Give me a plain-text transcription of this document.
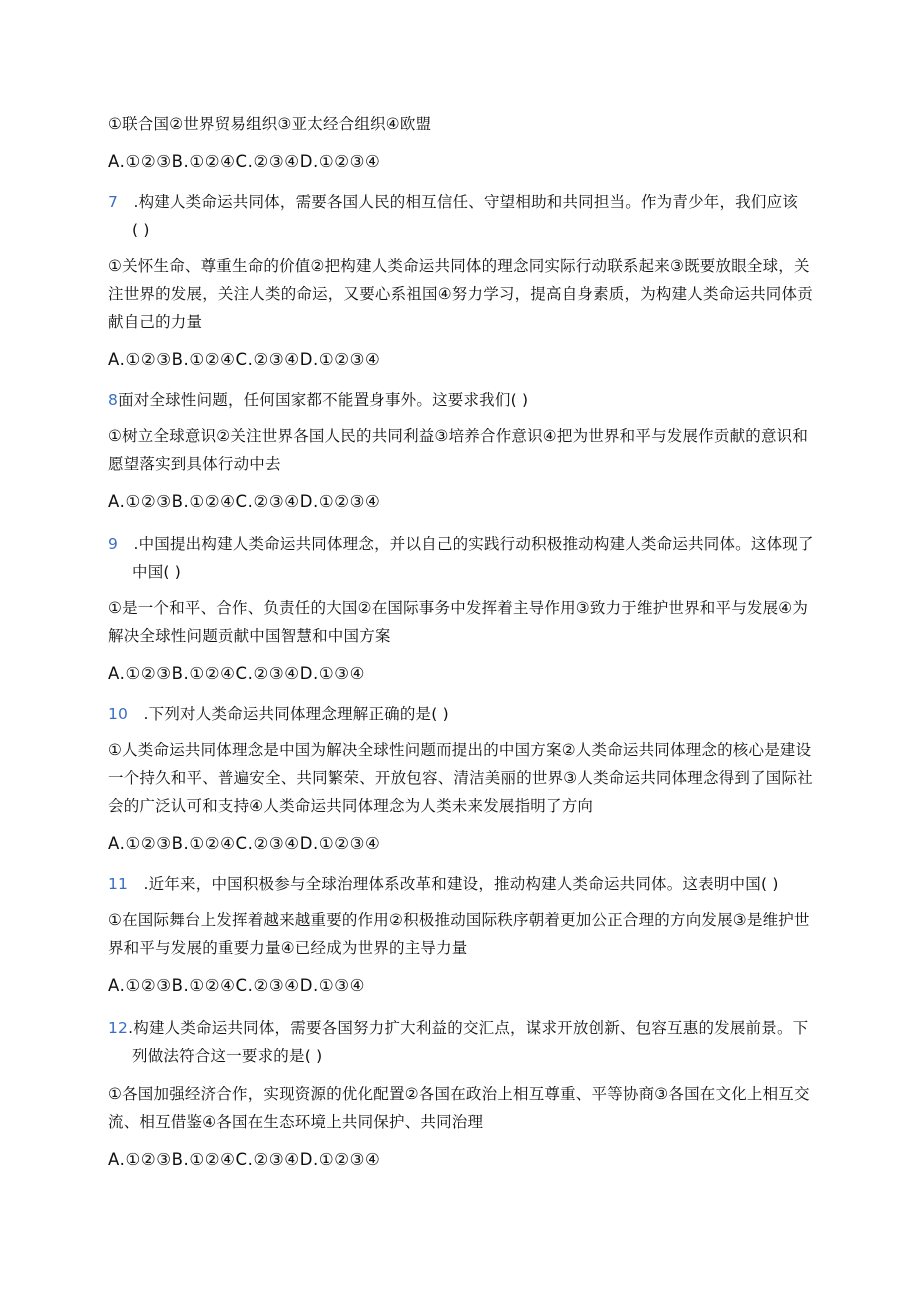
①联合国②世界贸易组织③亚太经合组织④欧盟
A.①②③B.①②④C.②③④D.①②③④
7 .构建人类命运共同体，需要各国人民的相互信任、守望相助和共同担当。作为青少年，我们应该
( )
①关怀生命、尊重生命的价值②把构建人类命运共同体的理念同实际行动联系起来③既要放眼全球，关
注世界的发展，关注人类的命运，又要心系祖国④努力学习，提高自身素质，为构建人类命运共同体贡
献自己的力量
A.①②③B.①②④C.②③④D.①②③④
8面对全球性问题，任何国家都不能置身事外。这要求我们( )
①树立全球意识②关注世界各国人民的共同利益③培养合作意识④把为世界和平与发展作贡献的意识和
愿望落实到具体行动中去
A.①②③B.①②④C.②③④D.①②③④
9 .中国提出构建人类命运共同体理念，并以自己的实践行动积极推动构建人类命运共同体。这体现了
中国( )
①是一个和平、合作、负责任的大国②在国际事务中发挥着主导作用③致力于维护世界和平与发展④为
解决全球性问题贡献中国智慧和中国方案
A.①②③B.①②④C.②③④D.①③④
10 .下列对人类命运共同体理念理解正确的是( )
①人类命运共同体理念是中国为解决全球性问题而提出的中国方案②人类命运共同体理念的核心是建设
一个持久和平、普遍安全、共同繁荣、开放包容、清洁美丽的世界③人类命运共同体理念得到了国际社
会的广泛认可和支持④人类命运共同体理念为人类未来发展指明了方向
A.①②③B.①②④C.②③④D.①②③④
11 .近年来，中国积极参与全球治理体系改革和建设，推动构建人类命运共同体。这表明中国( )
①在国际舞台上发挥着越来越重要的作用②积极推动国际秩序朝着更加公正合理的方向发展③是维护世
界和平与发展的重要力量④已经成为世界的主导力量
A.①②③B.①②④C.②③④D.①③④
12.构建人类命运共同体，需要各国努力扩大利益的交汇点，谋求开放创新、包容互惠的发展前景。下
列做法符合这一要求的是( )
①各国加强经济合作，实现资源的优化配置②各国在政治上相互尊重、平等协商③各国在文化上相互交
流、相互借鉴④各国在生态环境上共同保护、共同治理
A.①②③B.①②④C.②③④D.①②③④
